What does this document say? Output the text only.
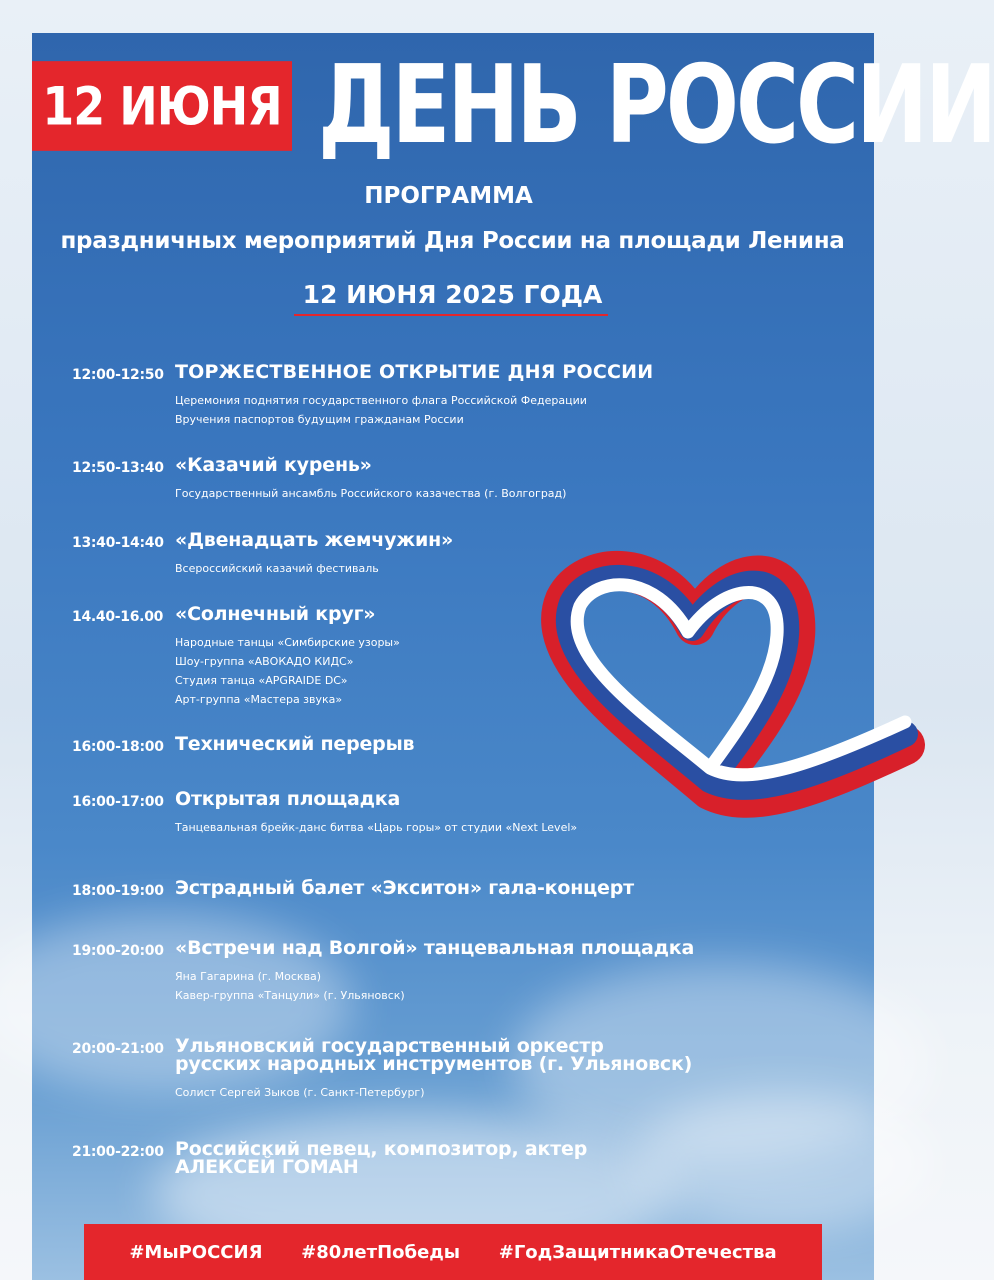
12 ИЮНЯ ДЕНЬ РОССИИ
ПРОГРАММА
праздничных мероприятий Дня России на площади Ленина
12 ИЮНЯ 2025 ГОДА
12:00-12:50 ТОРЖЕСТВЕННОЕ ОТКРЫТИЕ ДНЯ РОССИИ
Церемония поднятия государственного флага Российской Федерации
Вручения паспортов будущим гражданам России
12:50-13:40 «Казачий курень»
Государственный ансамбль Российского казачества (г. Волгоград)
13:40-14:40 «Двенадцать жемчужин»
Всероссийский казачий фестиваль
14.40-16.00 «Солнечный круг»
Народные танцы «Симбирские узоры»
Шоу-группа «АВОКАДО КИДС»
Студия танца «APGRAIDE DC»
Арт-группа «Мастера звука»
16:00-18:00 Технический перерыв
16:00-17:00 Открытая площадка
Танцевальная брейк-данс битва «Царь горы» от студии «Next Level»
18:00-19:00 Эстрадный балет «Экситон» гала-концерт
19:00-20:00 «Встречи над Волгой» танцевальная площадка
Яна Гагарина (г. Москва)
Кавер-группа «Танцули» (г. Ульяновск)
20:00-21:00 Ульяновский государственный оркестр
русских народных инструментов (г. Ульяновск)
Солист Сергей Зыков (г. Санкт-Петербург)
21:00-22:00 Российский певец, композитор, актер
АЛЕКСЕЙ ГОМАН
#МыРОССИЯ #80летПобеды #ГодЗащитникаОтечества
